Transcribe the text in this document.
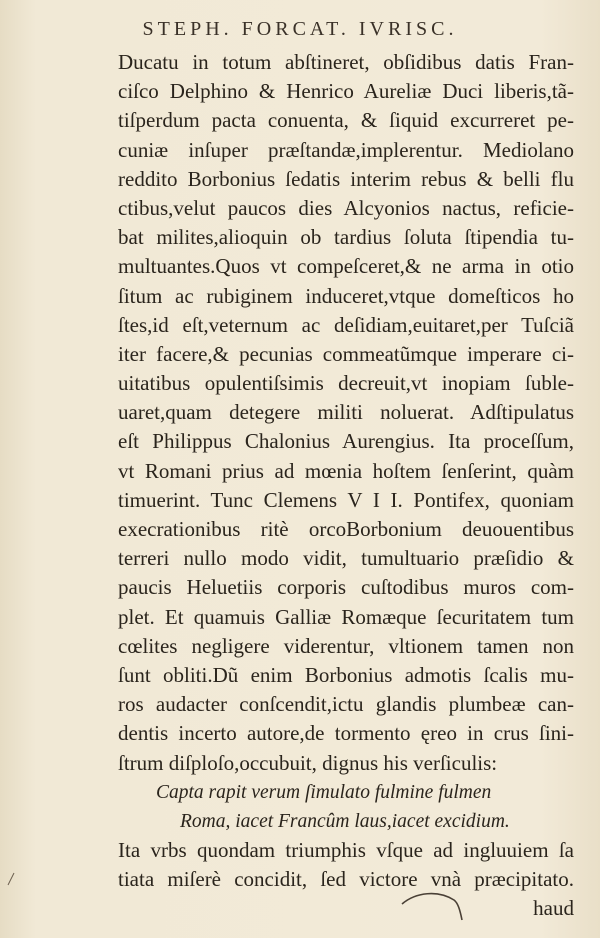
STEPH. FORCAT. IVRISC.
Ducatu in totum abſtineret, obſidibus datis Fran-
ciſco Delphino & Henrico Aureliæ Duci liberis,tã-
tiſperdum pacta conuenta, & ſiquid excurreret pe-
cuniæ inſuper præſtandæ,implerentur. Mediolano
reddito Borbonius ſedatis interim rebus & belli flu
ctibus,velut paucos dies Alcyonios nactus, reficie-
bat milites,alioquin ob tardius ſoluta ſtipendia tu-
multuantes.Quos vt compeſceret,& ne arma in otio
ſitum ac rubiginem induceret,vtque domeſticos ho
ſtes,id eſt,veternum ac deſidiam,euitaret,per Tuſciã
iter facere,& pecunias commeatũmque imperare ci-
uitatibus opulentiſsimis decreuit,vt inopiam ſuble-
uaret,quam detegere militi noluerat. Adſtipulatus
eſt Philippus Chalonius Aurengius. Ita proceſſum,
vt Romani prius ad mœnia hoſtem ſenſerint, quàm
timuerint. Tunc Clemens V I I. Pontifex, quoniam
execrationibus ritè orcoBorbonium deuouentibus
terreri nullo modo vidit, tumultuario præſidio &
paucis Heluetiis corporis cuſtodibus muros com-
plet. Et quamuis Galliæ Romæque ſecuritatem tum
cœlites negligere viderentur, vltionem tamen non
ſunt obliti.Dũ enim Borbonius admotis ſcalis mu-
ros audacter conſcendit,ictu glandis plumbeæ can-
dentis incerto autore,de tormento ęreo in crus ſini-
ſtrum diſploſo,occubuit, dignus his verſiculis:
Capta rapit verum ſimulato fulmine fulmen
Roma, iacet Francûm laus,iacet excidium.
Ita vrbs quondam triumphis vſque ad ingluuiem ſa
tiata miſerè concidit, ſed victore vnà præcipitato.
haud
